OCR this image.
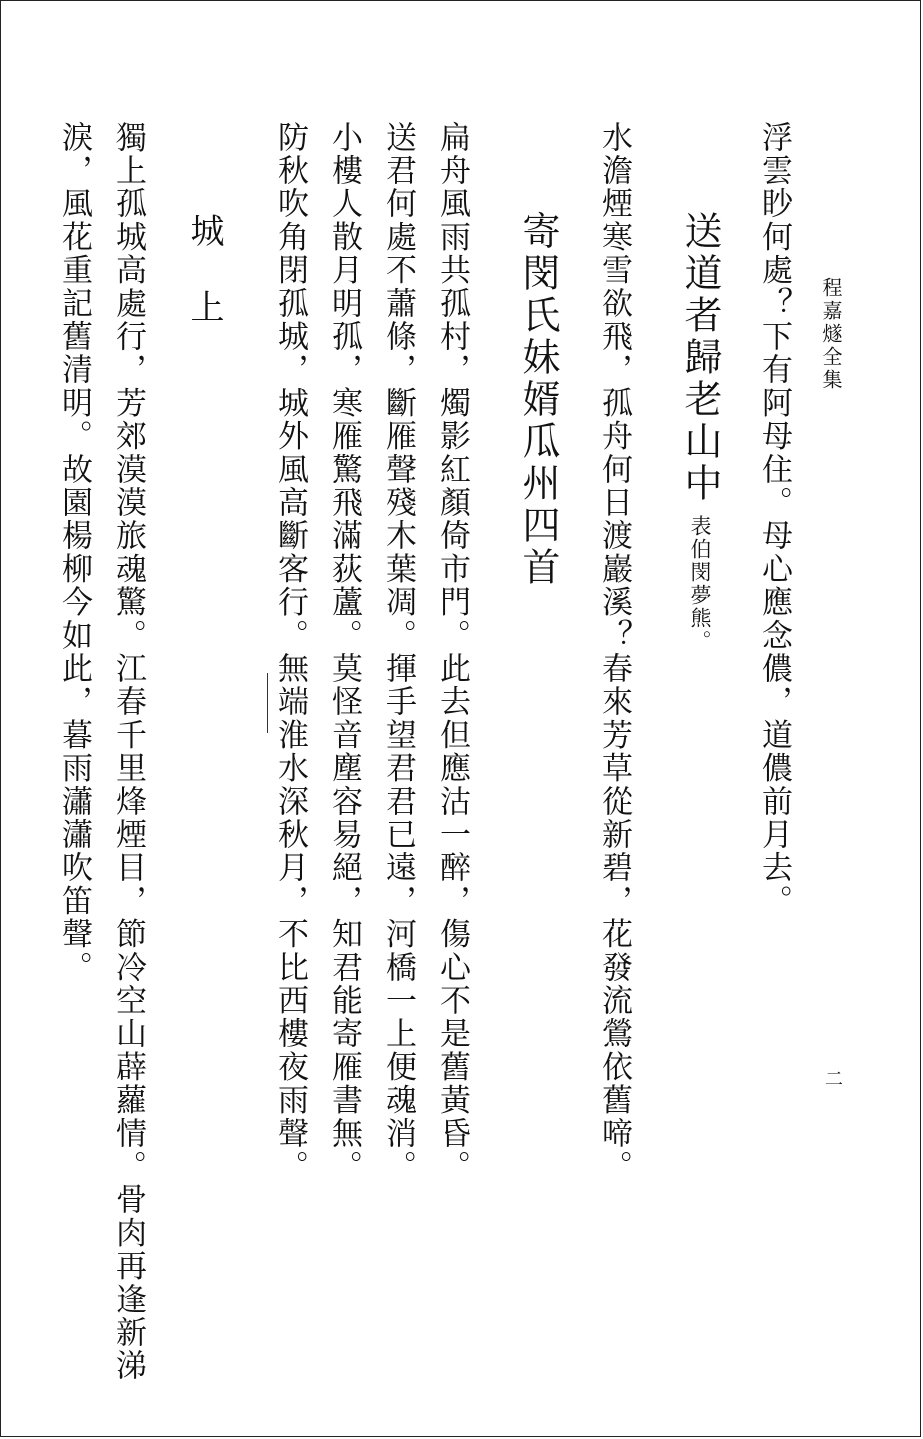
程嘉燧全集
二
浮雲眇何處？下有阿母住。母心應念儂，道儂前月去。
送道者歸老山中表伯閔夢熊。
水澹煙寒雪欲飛，孤舟何日渡巖溪？春來芳草從新碧，花發流鶯依舊啼。
寄閔氏妹婿瓜州四首
扁舟風雨共孤村，燭影紅顏倚市門。此去但應沽一醉，傷心不是舊黃昏。
送君何處不蕭條，斷雁聲殘木葉凋。揮手望君君已遠，河橋一上便魂消。
小樓人散月明孤，寒雁驚飛滿荻蘆。莫怪音塵容易絕，知君能寄雁書無。
防秋吹角閉孤城，城外風高斷客行。無端淮水深秋月，不比西樓夜雨聲。
城
上
獨上孤城高處行，芳郊漠漠旅魂驚。江春千里烽煙目，節冷空山薜蘿情。骨肉再逢新涕
淚，風花重記舊清明。故園楊柳今如此，暮雨瀟瀟吹笛聲。
